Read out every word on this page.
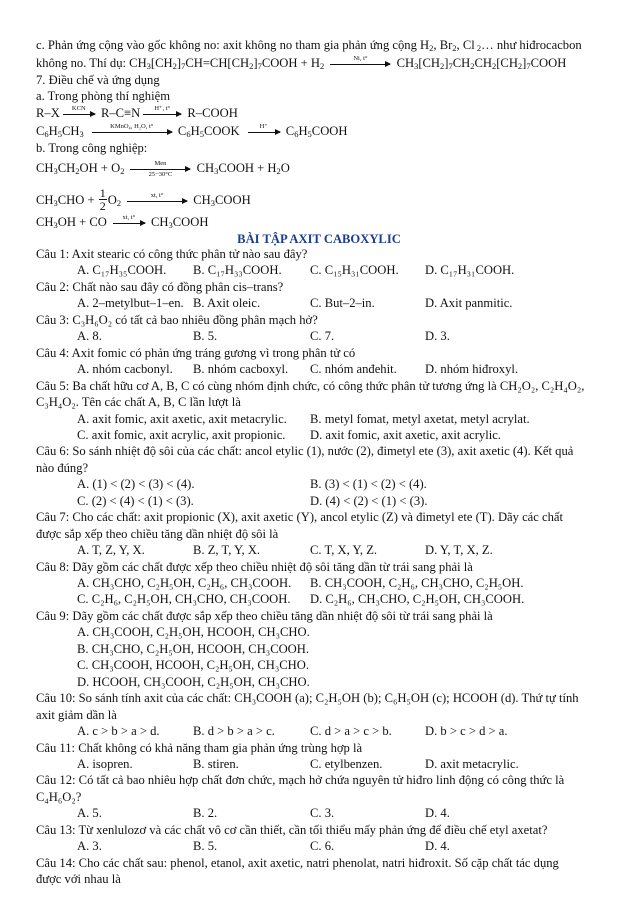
c. Phản ứng cộng vào gốc không no: axit không no tham gia phản ứng cộng $H_2$, $Br_2$, Cl $_2$… như hiđrocacbon
không no. Thí dụ: $CH_3[CH_2]_7CH=CH[CH_2]_7COOH + H_2$
Ni, t°	$CH_3[CH_2]_7CH_2CH_2[CH_2]_7COOH$
7. Điều chế và ứng dụng
a. Trong phòng thí nghiệm
R–X	KCN	R–C≡N	H⁺, t°	R–COOH
$C_6H_5CH_3$
KMnO₄, H₂O, t°	$C_6H_5COOK$	H⁺	$C_6H_5COOH$
b. Trong công nghiệp:
$CH_3CH_2OH + O_2$
Men
25−30°C	$CH_3COOH + H_2O$
$CH_3CHO + \frac{1}{2} O_2$
xt, t°	$CH_3COOH$
$CH_3OH$ + CO	xt, t°	$CH_3COOH$
BÀI TẬP AXIT CABOXYLIC
Câu 1: Axit stearic có công thức phân tử nào sau đây?
A. C₁₇H₃₅COOH. B. C₁₇H₃₃COOH. C. C₁₅H₃₁COOH. D. C₁₇H₃₁COOH.
Câu 2: Chất nào sau đây có đồng phân cis–trans?
A. 2–metylbut–1–en. B. Axit oleic.	C. But–2–in.	D. Axit panmitic.
Câu 3: C₃H₆O₂ có tất cả bao nhiêu đồng phân mạch hở?
A. 8.	B. 5.	C. 7.	D. 3.
Câu 4: Axit fomic có phản ứng tráng gương vì trong phân tử có
A. nhóm cacbonyl. B. nhóm cacboxyl. C. nhóm anđehit. D. nhóm hiđroxyl.
Câu 5: Ba chất hữu cơ A, B, C có cùng nhóm định chức, có công thức phân tử tương ứng là CH₂O₂, C₂H₄O₂,
C₃H₄O₂. Tên các chất A, B, C lần lượt là
A. axit fomic, axit axetic, axit metacrylic. B. metyl fomat, metyl axetat, metyl acrylat.
C. axit fomic, axit acrylic, axit propionic. D. axit fomic, axit axetic, axit acrylic.
Câu 6: So sánh nhiệt độ sôi của các chất: ancol etylic (1), nước (2), đimetyl ete (3), axit axetic (4). Kết quả
nào đúng?
A. (1) < (2) < (3) < (4).	B. (3) < (1) < (2) < (4).
C. (2) < (4) < (1) < (3).	D. (4) < (2) < (1) < (3).
Câu 7: Cho các chất: axit propionic (X), axit axetic (Y), ancol etylic (Z) và đimetyl ete (T). Dãy các chất
được sắp xếp theo chiều tăng dần nhiệt độ sôi là
A. T, Z, Y, X.	B. Z, T, Y, X.	C. T, X, Y, Z.	D. Y, T, X, Z.
Câu 8: Dãy gồm các chất được xếp theo chiều nhiệt độ sôi tăng dần từ trái sang phải là
A. CH₃CHO, C₂H₅OH, C₂H₆, CH₃COOH. B. CH₃COOH, C₂H₆, CH₃CHO, C₂H₅OH.
C. C₂H₆, C₂H₅OH, CH₃CHO, CH₃COOH. D. C₂H₆, CH₃CHO, C₂H₅OH, CH₃COOH.
Câu 9: Dãy gồm các chất được sắp xếp theo chiều tăng dần nhiệt độ sôi từ trái sang phải là
A. CH₃COOH, C₂H₅OH, HCOOH, CH₃CHO.
B. CH₃CHO, C₂H₅OH, HCOOH, CH₃COOH.
C. CH₃COOH, HCOOH, C₂H₅OH, CH₃CHO.
D. HCOOH, CH₃COOH, C₂H₅OH, CH₃CHO.
Câu 10: So sánh tính axit của các chất: CH₃COOH (a); C₂H₅OH (b); C₆H₅OH (c); HCOOH (d). Thứ tự tính
axit giảm dần là
A. c > b > a > d.	B. d > b > a > c.	C. d > a > c > b.	D. b > c > d > a.
Câu 11: Chất không có khả năng tham gia phản ứng trùng hợp là
A. isopren.	B. stiren.	C. etylbenzen.	D. axit metacrylic.
Câu 12: Có tất cả bao nhiêu hợp chất đơn chức, mạch hở chứa nguyên tử hiđro linh động có công thức là
C₄H₆O₂?
A. 5.	B. 2.	C. 3.	D. 4.
Câu 13: Từ xenlulozơ và các chất vô cơ cần thiết, cần tối thiểu mấy phản ứng để điều chế etyl axetat?
A. 3.	B. 5.	C. 6.	D. 4.
Câu 14: Cho các chất sau: phenol, etanol, axit axetic, natri phenolat, natri hiđroxit. Số cặp chất tác dụng
được với nhau là
